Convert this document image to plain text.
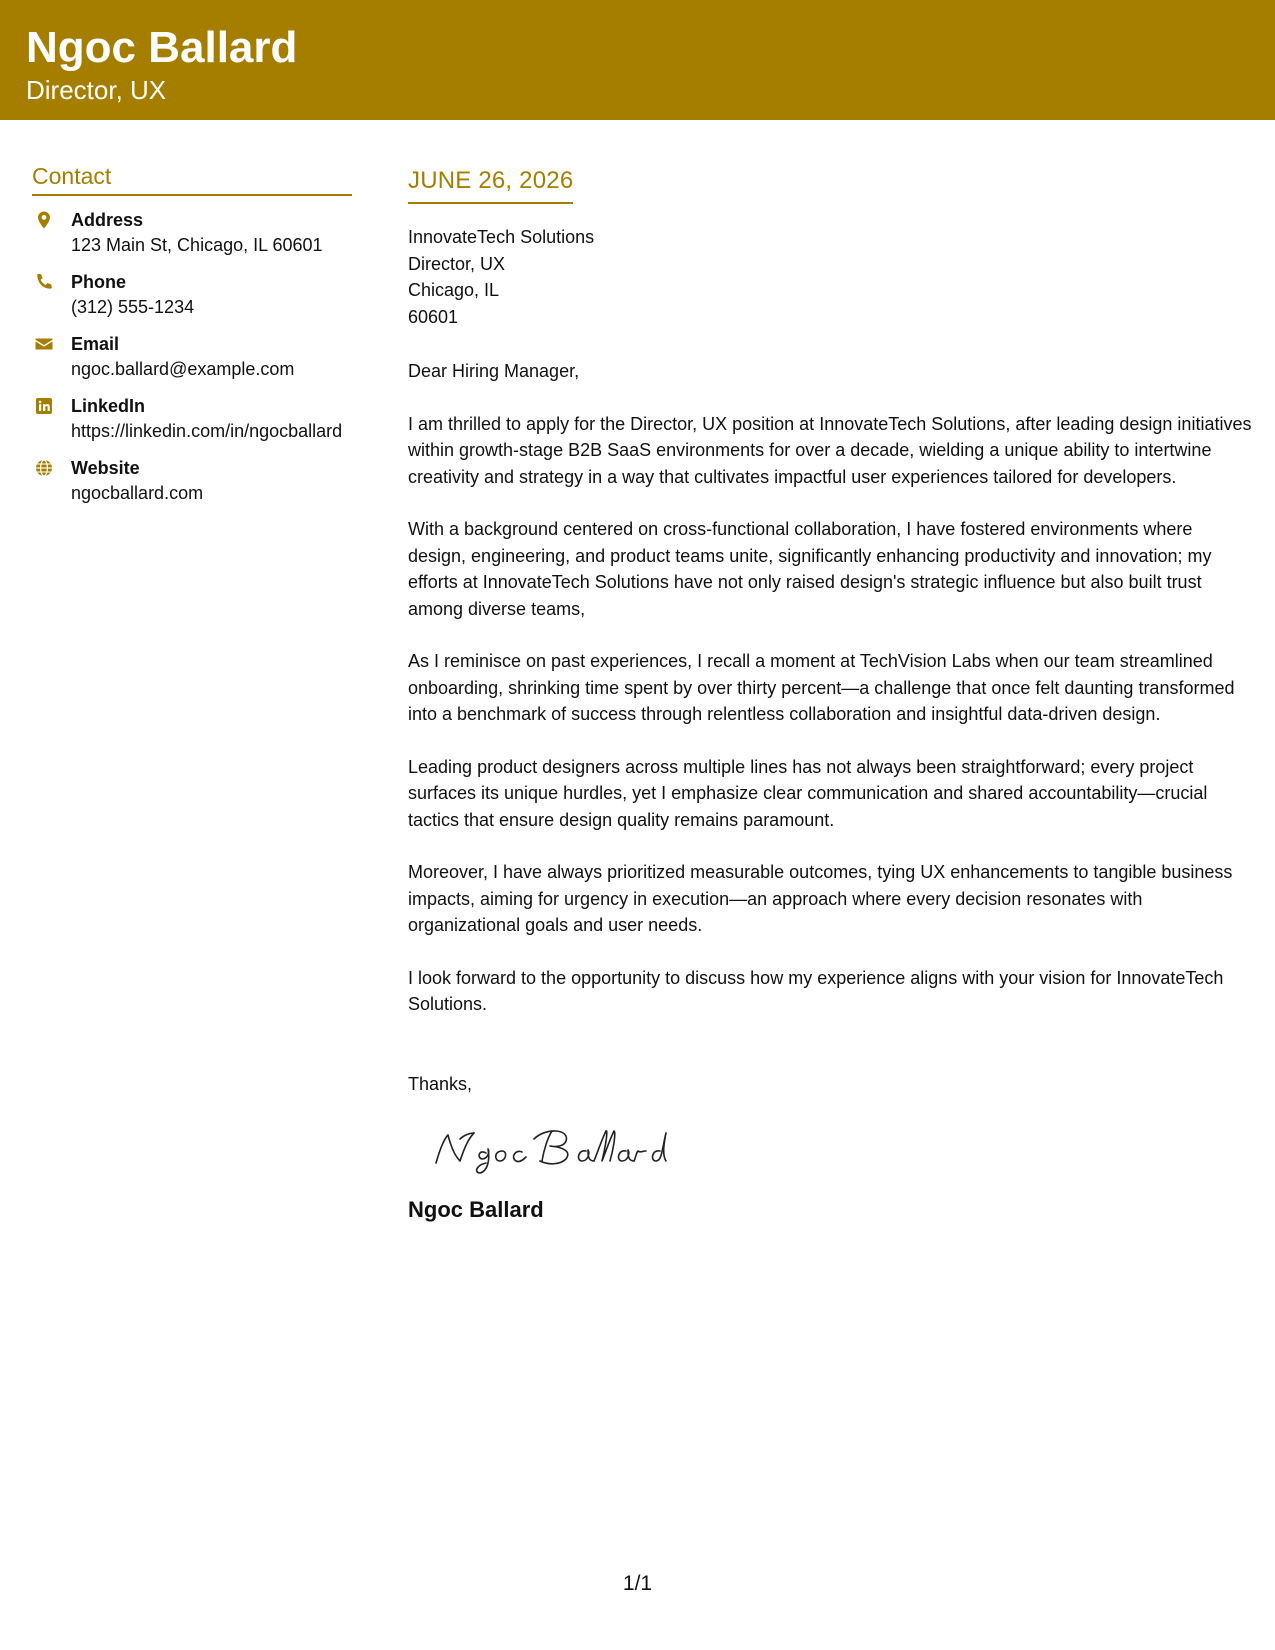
Ngoc Ballard
Director, UX
Contact
Address
123 Main St, Chicago, IL 60601
Phone
(312) 555-1234
Email
ngoc.ballard@example.com
LinkedIn
https://linkedin.com/in/ngocballard
Website
ngocballard.com
JUNE 26, 2026
InnovateTech Solutions
Director, UX
Chicago, IL
60601
Dear Hiring Manager,
I am thrilled to apply for the Director, UX position at InnovateTech Solutions, after leading design initiatives within growth-stage B2B SaaS environments for over a decade, wielding a unique ability to intertwine creativity and strategy in a way that cultivates impactful user experiences tailored for developers.
With a background centered on cross-functional collaboration, I have fostered environments where design, engineering, and product teams unite, significantly enhancing productivity and innovation; my efforts at InnovateTech Solutions have not only raised design's strategic influence but also built trust among diverse teams,
As I reminisce on past experiences, I recall a moment at TechVision Labs when our team streamlined onboarding, shrinking time spent by over thirty percent—a challenge that once felt daunting transformed into a benchmark of success through relentless collaboration and insightful data-driven design.
Leading product designers across multiple lines has not always been straightforward; every project surfaces its unique hurdles, yet I emphasize clear communication and shared accountability—crucial tactics that ensure design quality remains paramount.
Moreover, I have always prioritized measurable outcomes, tying UX enhancements to tangible business impacts, aiming for urgency in execution—an approach where every decision resonates with organizational goals and user needs.
I look forward to the opportunity to discuss how my experience aligns with your vision for InnovateTech Solutions.
Thanks,
Ngoc Ballard
1/1
